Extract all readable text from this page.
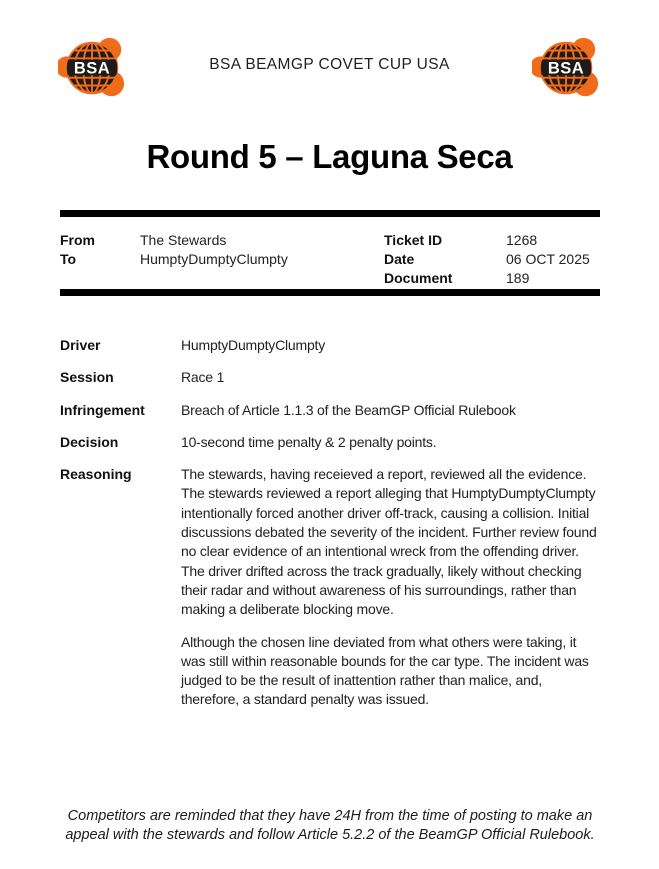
BSA	BSA
BSA BEAMGP COVET CUP USA
Round 5 – Laguna Seca
From	The Stewards
To	HumptyDumptyClumpty
Ticket ID	1268
Date	06 OCT 2025
Document	189
Driver	HumptyDumptyClumpty
Session	Race 1
Infringement	Breach of Article 1.1.3 of the BeamGP Official Rulebook
Decision	10-second time penalty & 2 penalty points.
Reasoning	The stewards, having receieved a report, reviewed all the evidence. The stewards reviewed a report alleging that HumptyDumptyClumpty intentionally forced another driver off-track, causing a collision. Initial discussions debated the severity of the incident. Further review found no clear evidence of an intentional wreck from the offending driver. The driver drifted across the track gradually, likely without checking their radar and without awareness of his surroundings, rather than making a deliberate blocking move.

Although the chosen line deviated from what others were taking, it was still within reasonable bounds for the car type. The incident was judged to be the result of inattention rather than malice, and, therefore, a standard penalty was issued.

Competitors are reminded that they have 24H from the time of posting to make an appeal with the stewards and follow Article 5.2.2 of the BeamGP Official Rulebook.
